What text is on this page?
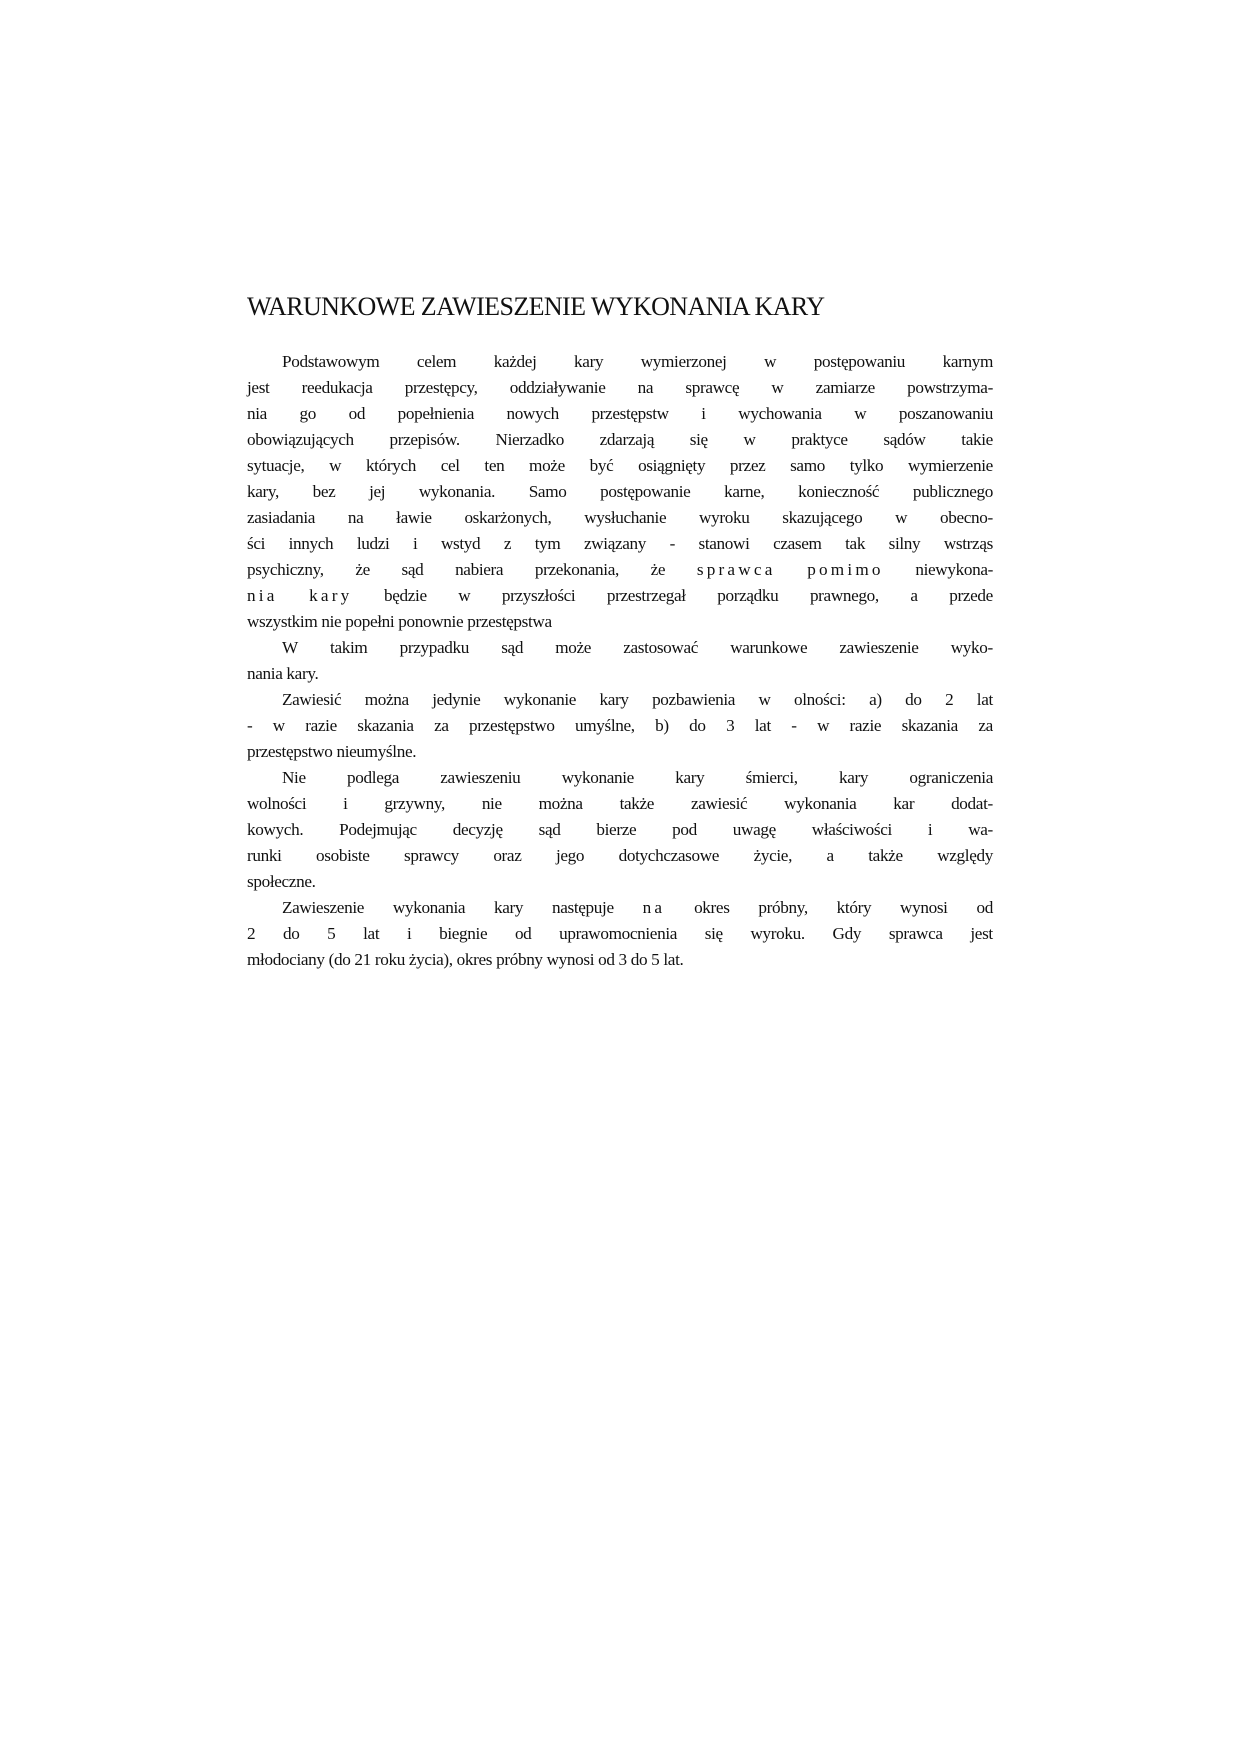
WARUNKOWE ZAWIESZENIE WYKONANIA KARY
Podstawowym celem każdej kary wymierzonej w postępowaniu karnym
jest reedukacja przestępcy, oddziaływanie na sprawcę w zamiarze powstrzyma-
nia go od popełnienia nowych przestępstw i wychowania w poszanowaniu
obowiązujących przepisów. Nierzadko zdarzają się w praktyce sądów takie
sytuacje, w których cel ten może być osiągnięty przez samo tylko wymierzenie
kary, bez jej wykonania. Samo postępowanie karne, konieczność publicznego
zasiadania na ławie oskarżonych, wysłuchanie wyroku skazującego w obecno-
ści innych ludzi i wstyd z tym związany - stanowi czasem tak silny wstrząs
psychiczny, że sąd nabiera przekonania, że sprawca pomimo niewykona-
nia kary będzie w przyszłości przestrzegał porządku prawnego, a przede
wszystkim nie popełni ponownie przestępstwa
W takim przypadku sąd może zastosować warunkowe zawieszenie wyko-
nania kary.
Zawiesić można jedynie wykonanie kary pozbawienia w olności: a) do 2 lat
- w razie skazania za przestępstwo umyślne, b) do 3 lat - w razie skazania za
przestępstwo nieumyślne.
Nie podlega zawieszeniu wykonanie kary śmierci, kary ograniczenia
wolności i grzywny, nie można także zawiesić wykonania kar dodat-
kowych. Podejmując decyzję sąd bierze pod uwagę właściwości i wa-
runki osobiste sprawcy oraz jego dotychczasowe życie, a także względy
społeczne.
Zawieszenie wykonania kary następuje na okres próbny, który wynosi od
2 do 5 lat i biegnie od uprawomocnienia się wyroku. Gdy sprawca jest
młodociany (do 21 roku życia), okres próbny wynosi od 3 do 5 lat.
